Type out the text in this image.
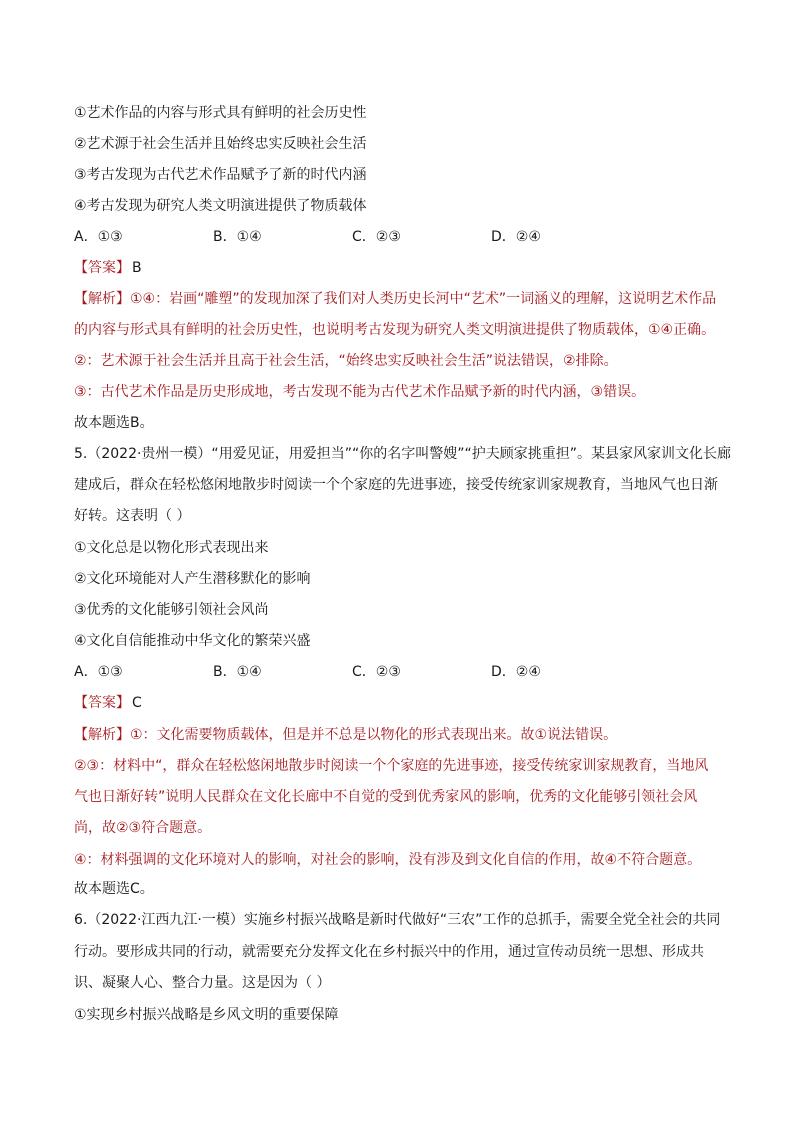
①艺术作品的内容与形式具有鲜明的社会历史性
②艺术源于社会生活并且始终忠实反映社会生活
③考古发现为古代艺术作品赋予了新的时代内涵
④考古发现为研究人类文明演进提供了物质载体
A．①③	B．①④	C．②③	D．②④
【答案】 B
【解析】①④：岩画“雕塑”的发现加深了我们对人类历史长河中“艺术”一词涵义的理解，这说明艺术作品
的内容与形式具有鲜明的社会历史性，也说明考古发现为研究人类文明演进提供了物质载体，①④正确。
②：艺术源于社会生活并且高于社会生活，“始终忠实反映社会生活”说法错误，②排除。
③：古代艺术作品是历史形成地，考古发现不能为古代艺术作品赋予新的时代内涵，③错误。
故本题选B。
5.（2022·贵州一模）“用爱见证，用爱担当”“你的名字叫警嫂”“护夫顾家挑重担”。某县家风家训文化长廊
建成后，群众在轻松悠闲地散步时阅读一个个家庭的先进事迹，接受传统家训家规教育，当地风气也日渐
好转。这表明（ ）
①文化总是以物化形式表现出来
②文化环境能对人产生潜移默化的影响
③优秀的文化能够引领社会风尚
④文化自信能推动中华文化的繁荣兴盛
A．①③	B．①④	C．②③	D．②④
【答案】 C
【解析】①：文化需要物质载体，但是并不总是以物化的形式表现出来。故①说法错误。
②③：材料中“，群众在轻松悠闲地散步时阅读一个个家庭的先进事迹，接受传统家训家规教育，当地风
气也日渐好转”说明人民群众在文化长廊中不自觉的受到优秀家风的影响，优秀的文化能够引领社会风
尚，故②③符合题意。
④：材料强调的文化环境对人的影响，对社会的影响，没有涉及到文化自信的作用，故④不符合题意。
故本题选C。
6.（2022·江西九江·一模）实施乡村振兴战略是新时代做好“三农”工作的总抓手，需要全党全社会的共同
行动。要形成共同的行动，就需要充分发挥文化在乡村振兴中的作用，通过宣传动员统一思想、形成共
识、凝聚人心、整合力量。这是因为（ ）
①实现乡村振兴战略是乡风文明的重要保障
